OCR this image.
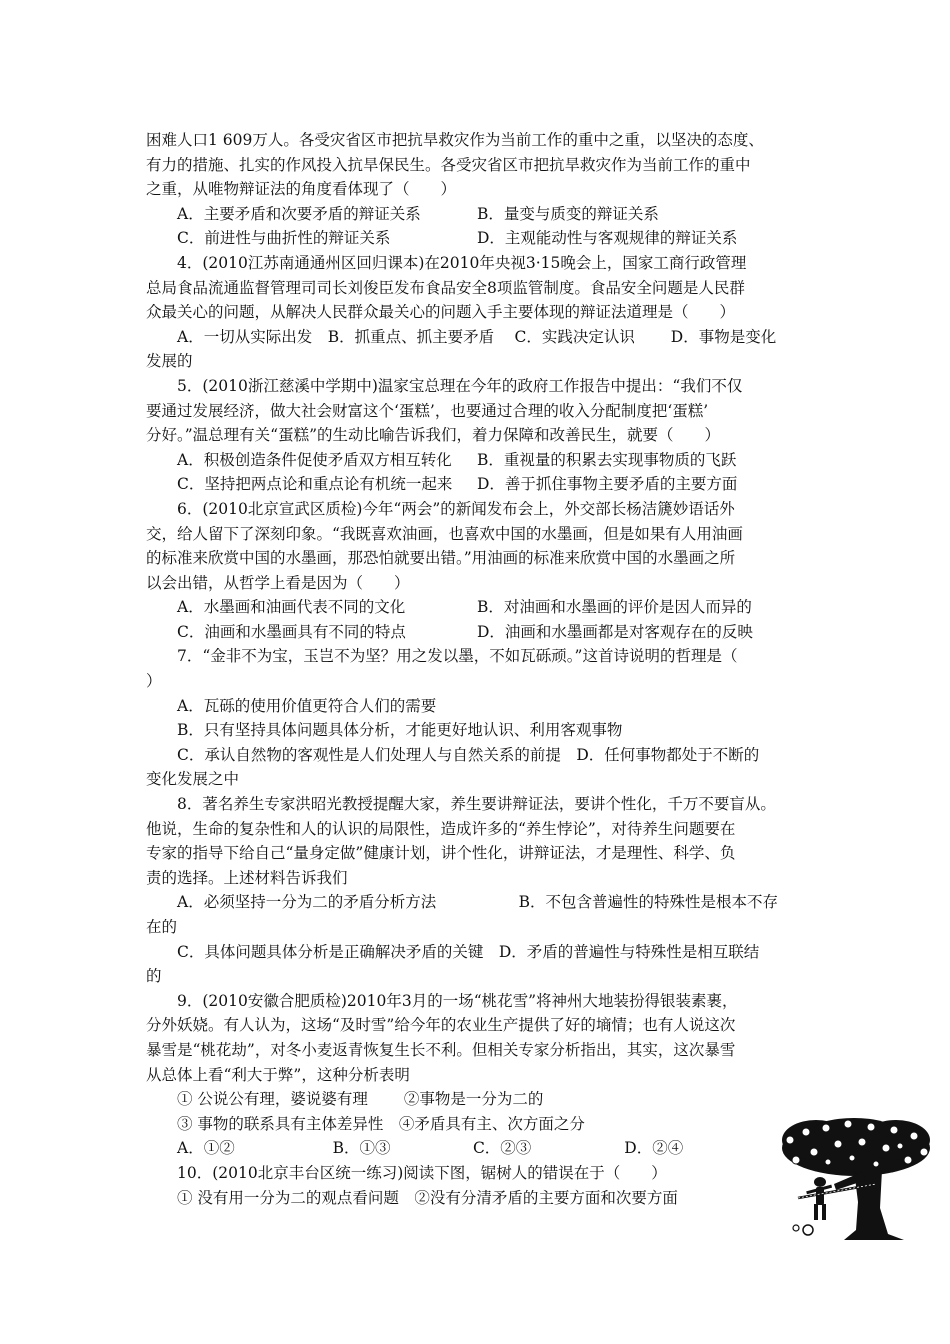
困难人口1 609万人。各受灾省区市把抗旱救灾作为当前工作的重中之重，以坚决的态度、
有力的措施、扎实的作风投入抗旱保民生。各受灾省区市把抗旱救灾作为当前工作的重中
之重，从唯物辩证法的角度看体现了（　　）
A．主要矛盾和次要矛盾的辩证关系	B．量变与质变的辩证关系
C．前进性与曲折性的辩证关系	D．主观能动性与客观规律的辩证关系
4．(2010江苏南通通州区回归课本)在2010年央视3·15晚会上，国家工商行政管理
总局食品流通监督管理司司长刘俊臣发布食品安全8项监管制度。食品安全问题是人民群
众最关心的问题，从解决人民群众最关心的问题入手主要体现的辩证法道理是（　　）
A．一切从实际出发　B．抓重点、抓主要矛盾　 C．实践决定认识　 　D．事物是变化
发展的
5．(2010浙江慈溪中学期中)温家宝总理在今年的政府工作报告中提出：“我们不仅
要通过发展经济，做大社会财富这个‘蛋糕’，也要通过合理的收入分配制度把‘蛋糕’
分好。”温总理有关“蛋糕”的生动比喻告诉我们，着力保障和改善民生，就要（　　）
A．积极创造条件促使矛盾双方相互转化	B．重视量的积累去实现事物质的飞跃
C．坚持把两点论和重点论有机统一起来	D．善于抓住事物主要矛盾的主要方面
6．(2010北京宣武区质检)今年“两会”的新闻发布会上，外交部长杨洁篪妙语话外
交，给人留下了深刻印象。“我既喜欢油画，也喜欢中国的水墨画，但是如果有人用油画
的标准来欣赏中国的水墨画，那恐怕就要出错。”用油画的标准来欣赏中国的水墨画之所
以会出错，从哲学上看是因为（　　）
A．水墨画和油画代表不同的文化	B．对油画和水墨画的评价是因人而异的
C．油画和水墨画具有不同的特点	D．油画和水墨画都是对客观存在的反映
7．“金非不为宝，玉岂不为坚？用之发以墨，不如瓦砾顽。”这首诗说明的哲理是（
）
A．瓦砾的使用价值更符合人们的需要
B．只有坚持具体问题具体分析，才能更好地认识、利用客观事物
C．承认自然物的客观性是人们处理人与自然关系的前提　D．任何事物都处于不断的
变化发展之中
8．著名养生专家洪昭光教授提醒大家，养生要讲辩证法，要讲个性化，千万不要盲从。
他说，生命的复杂性和人的认识的局限性，造成许多的“养生悖论”，对待养生问题要在
专家的指导下给自己“量身定做”健康计划，讲个性化，讲辩证法，才是理性、科学、负
责的选择。上述材料告诉我们
A．必须坚持一分为二的矛盾分析方法　　　　　 B．不包含普遍性的特殊性是根本不存
在的
C．具体问题具体分析是正确解决矛盾的关键　D．矛盾的普遍性与特殊性是相互联结
的
9．(2010安徽合肥质检)2010年3月的一场“桃花雪”将神州大地装扮得银装素裹，
分外妖娆。有人认为，这场“及时雪”给今年的农业生产提供了好的墒情；也有人说这次
暴雪是“桃花劫”，对冬小麦返青恢复生长不利。但相关专家分析指出，其实，这次暴雪
从总体上看“利大于弊”，这种分析表明
① 公说公有理，婆说婆有理　　 ②事物是一分为二的
③ 事物的联系具有主体差异性　④矛盾具有主、次方面之分
A．①②　　　　　　 B．①③　　　　　 C．②③　　　　　　D．②④
10．(2010北京丰台区统一练习)阅读下图，锯树人的错误在于（　　）
① 没有用一分为二的观点看问题　②没有分清矛盾的主要方面和次要方面
